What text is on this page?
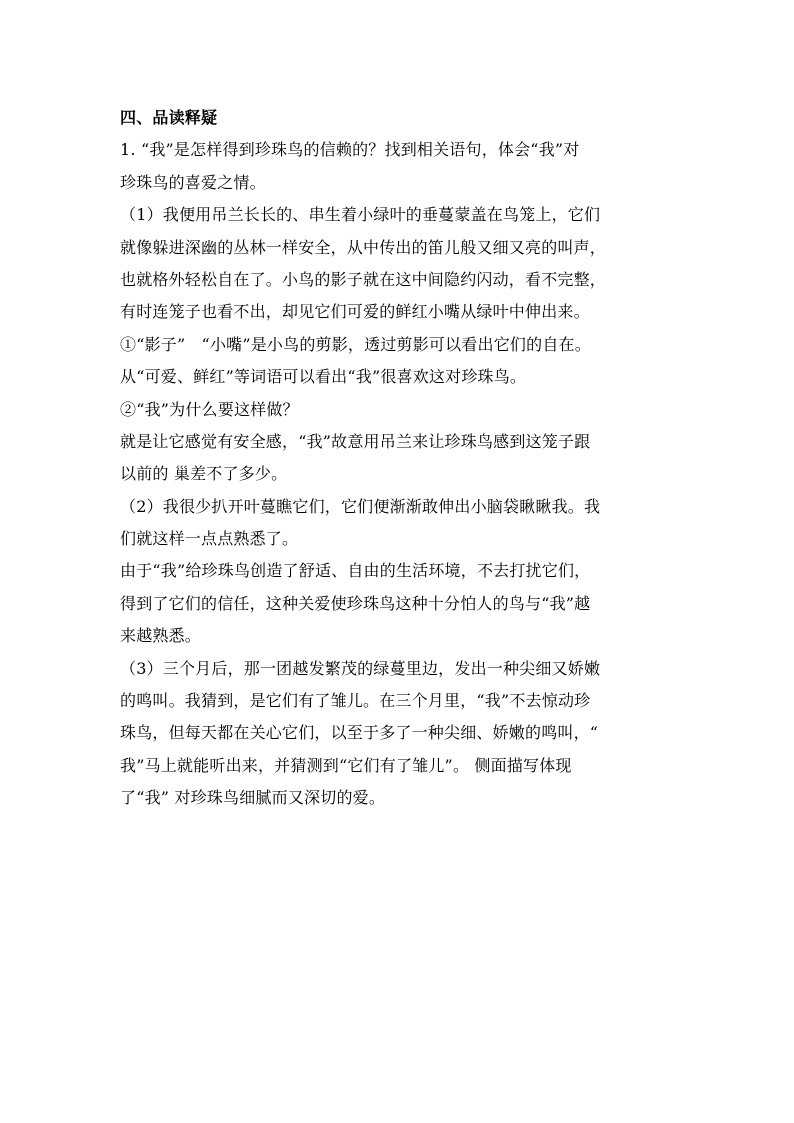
四、品读释疑
1. “我”是怎样得到珍珠鸟的信赖的？找到相关语句，体会“我”对
珍珠鸟的喜爱之情。
（1）我便用吊兰长长的、串生着小绿叶的垂蔓蒙盖在鸟笼上，它们
就像躲进深幽的丛林一样安全，从中传出的笛儿般又细又亮的叫声，
也就格外轻松自在了。小鸟的影子就在这中间隐约闪动，看不完整，
有时连笼子也看不出，却见它们可爱的鲜红小嘴从绿叶中伸出来。
①“影子”　“小嘴”是小鸟的剪影，透过剪影可以看出它们的自在。
从“可爱、鲜红”等词语可以看出“我”很喜欢这对珍珠鸟。
②“我”为什么要这样做？
就是让它感觉有安全感，“我”故意用吊兰来让珍珠鸟感到这笼子跟
以前的 巢差不了多少。
（2）我很少扒开叶蔓瞧它们，它们便渐渐敢伸出小脑袋瞅瞅我。我
们就这样一点点熟悉了。
由于“我”给珍珠鸟创造了舒适、自由的生活环境，不去打扰它们，
得到了它们的信任，这种关爱使珍珠鸟这种十分怕人的鸟与“我”越
来越熟悉。
（3）三个月后，那一团越发繁茂的绿蔓里边，发出一种尖细又娇嫩
的鸣叫。我猜到，是它们有了雏儿。在三个月里，“我”不去惊动珍
珠鸟，但每天都在关心它们，以至于多了一种尖细、娇嫩的鸣叫，“
我”马上就能听出来，并猜测到“它们有了雏儿”。 侧面描写体现
了“我” 对珍珠鸟细腻而又深切的爱。
